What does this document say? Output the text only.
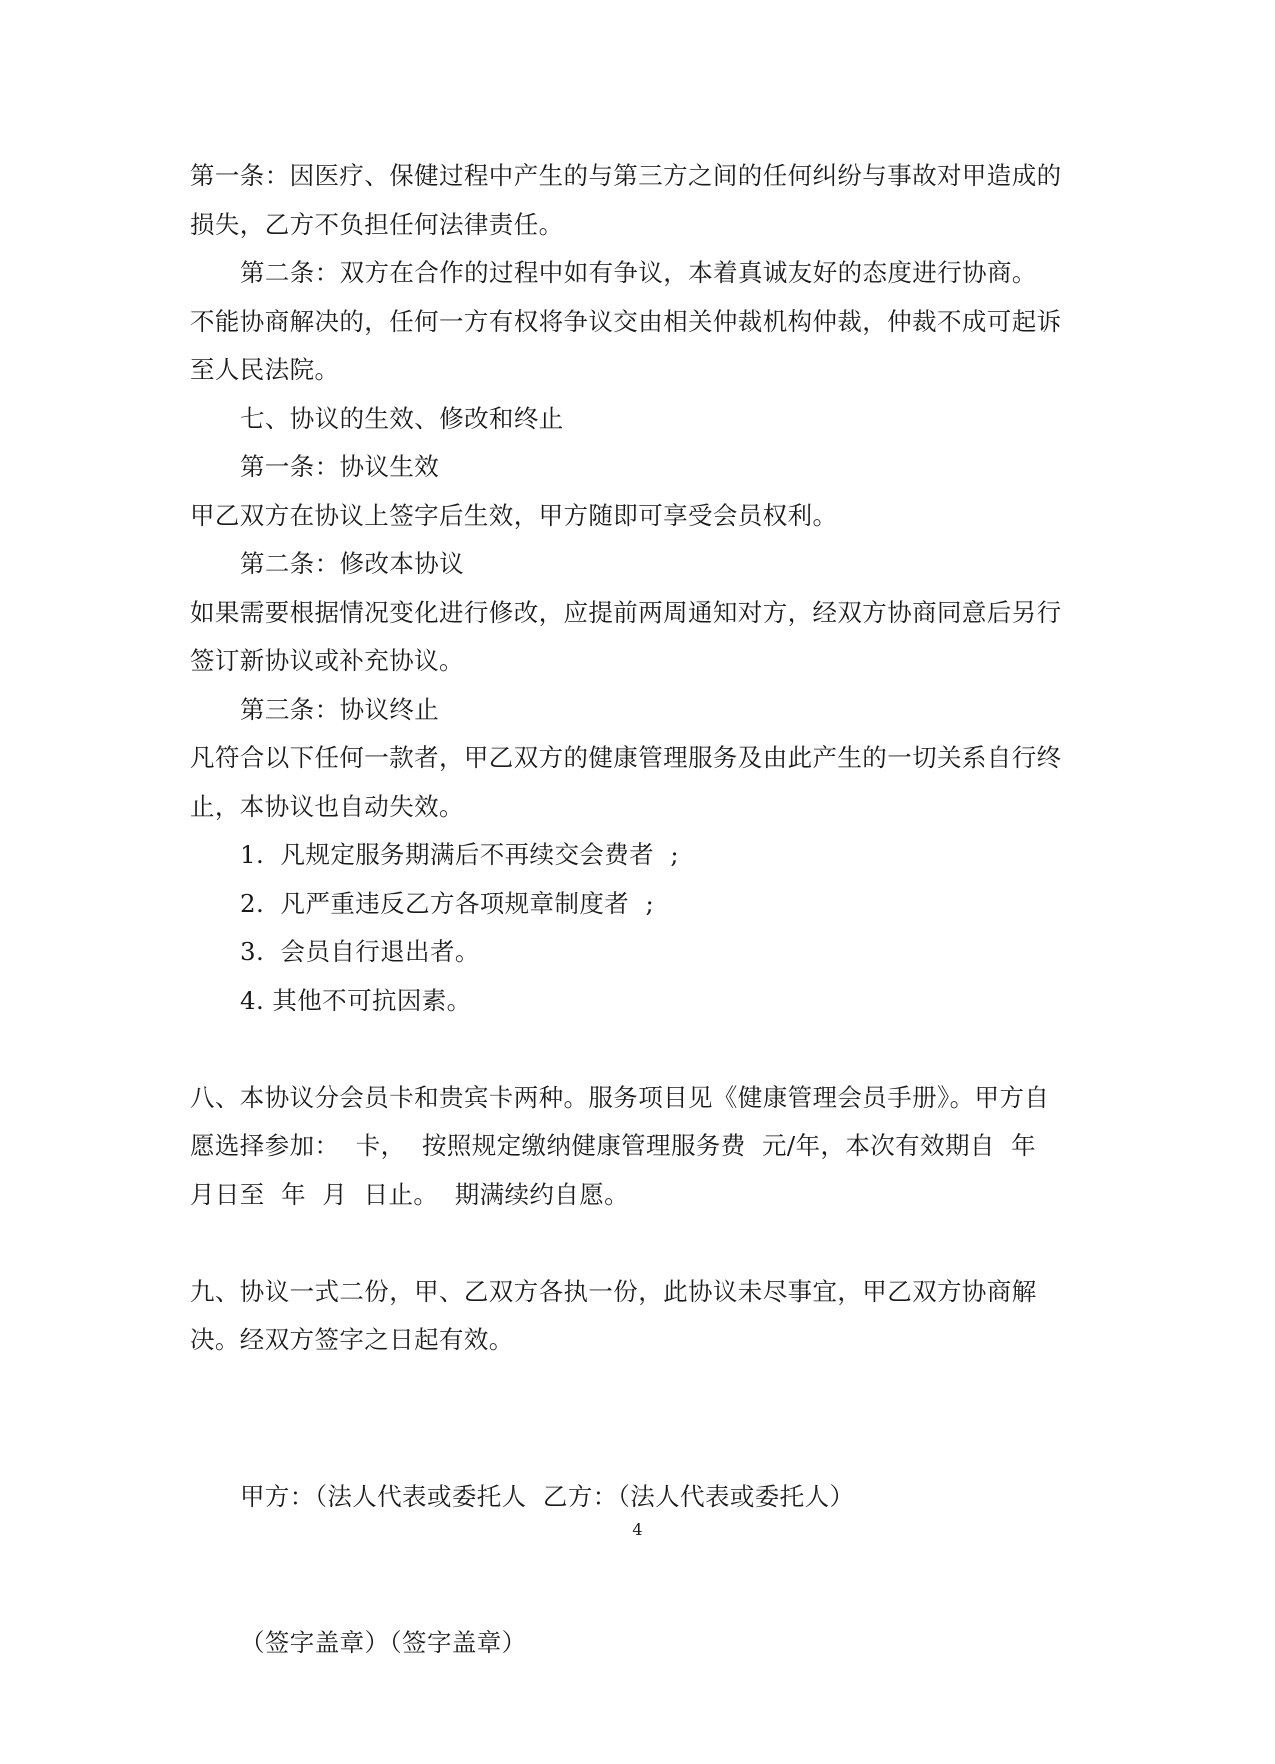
第一条：因医疗、保健过程中产生的与第三方之间的任何纠纷与事故对甲造成的损失，乙方不负担任何法律责任。

第二条：双方在合作的过程中如有争议，本着真诚友好的态度进行协商。

不能协商解决的，任何一方有权将争议交由相关仲裁机构仲裁，仲裁不成可起诉至人民法院。

七、协议的生效、修改和终止

第一条：协议生效

甲乙双方在协议上签字后生效，甲方随即可享受会员权利。

第二条：修改本协议

如果需要根据情况变化进行修改，应提前两周通知对方，经双方协商同意后另行签订新协议或补充协议。

第三条：协议终止

凡符合以下任何一款者，甲乙双方的健康管理服务及由此产生的一切关系自行终止，本协议也自动失效。

1.  凡规定服务期满后不再续交会费者  ;

2.  凡严重违反乙方各项规章制度者  ;

3.  会员自行退出者。

4. 其他不可抗因素。

八、本协议分会员卡和贵宾卡两种。服务项目见《健康管理会员手册》。甲方自愿选择参加：  卡，  按照规定缴纳健康管理服务费  元/年，本次有效期自  年  月日至  年  月  日止。  期满续约自愿。

九、协议一式二份，甲、乙双方各执一份，此协议未尽事宜，甲乙双方协商解决。经双方签字之日起有效。

甲方：（法人代表或委托人  乙方：（法人代表或委托人）

（签字盖章）（签字盖章）

4
